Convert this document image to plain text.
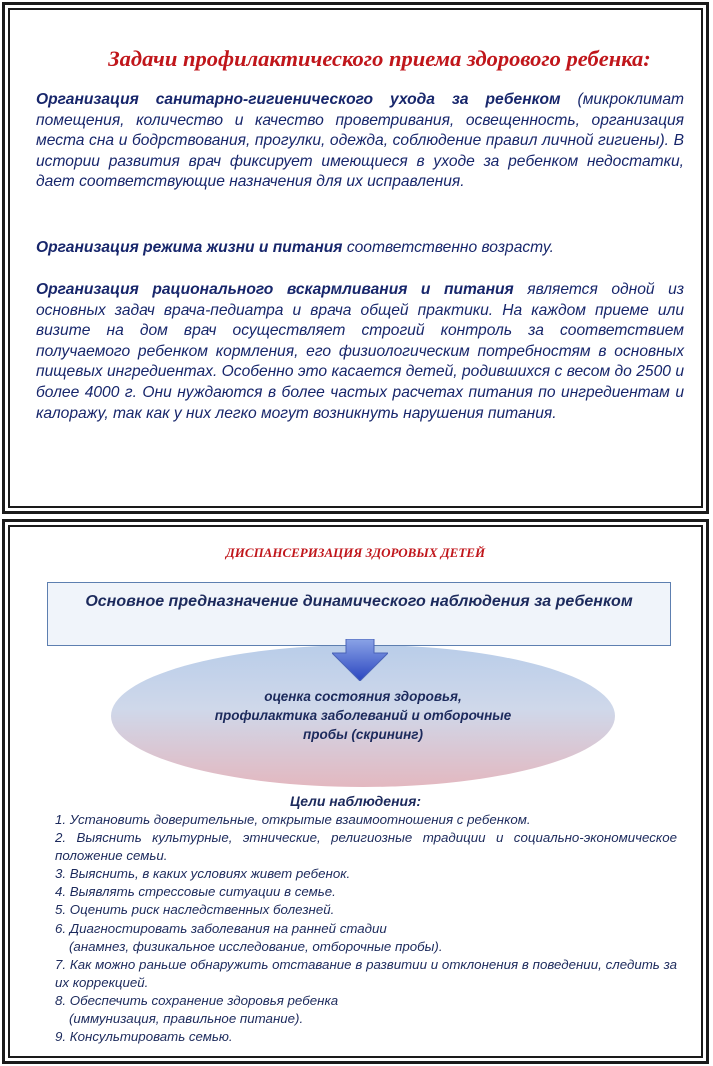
Задачи профилактического приема здорового ребенка:
Организация санитарно-гигиенического ухода за ребенком (микроклимат помещения, количество и качество проветривания, освещенность, организация места сна и бодрствования, прогулки, одежда, соблюдение правил личной гигиены). В истории развития врач фиксирует имеющиеся в уходе за ребенком недостатки, дает соответствующие назначения для их исправления.
Организация режима жизни и питания соответственно возрасту.
Организация рационального вскармливания и питания является одной из основных задач врача-педиатра и врача общей практики. На каждом приеме или визите на дом врач осуществляет строгий контроль за соответствием получаемого ребенком кормления, его физиологическим потребностям в основных пищевых ингредиентах. Особенно это касается детей, родившихся с весом до 2500 и более 4000 г. Они нуждаются в более частых расчетах питания по ингредиентам и калоражу, так как у них легко могут возникнуть нарушения питания.
ДИСПАНСЕРИЗАЦИЯ ЗДОРОВЫХ ДЕТЕЙ
оценка состояния здоровья,
профилактика заболеваний и отборочные
пробы (скрининг)
Основное предназначение динамического наблюдения за ребенком
Цели наблюдения:
1. Установить доверительные, открытые взаимоотношения с ребенком.
2. Выяснить культурные, этнические, религиозные традиции и социально-экономическое положение семьи.
3. Выяснить, в каких условиях живет ребенок.
4. Выявлять стрессовые ситуации в семье.
5. Оценить риск наследственных болезней.
6. Диагностировать заболевания на ранней стадии
(анамнез, физикальное исследование, отборочные пробы).
7. Как можно раньше обнаружить отставание в развитии и отклонения в поведении, следить за их коррекцией.
8. Обеспечить сохранение здоровья ребенка
(иммунизация, правильное питание).
9. Консультировать семью.
